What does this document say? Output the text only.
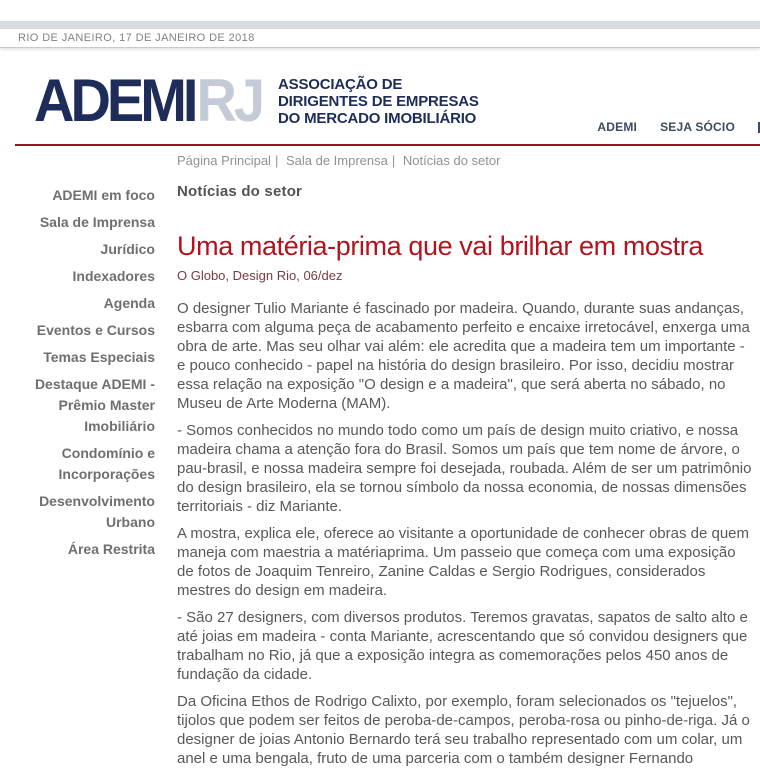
RIO DE JANEIRO, 17 DE JANEIRO DE 2018
ADEMI RJ ASSOCIAÇÃO DE
DIRIGENTES DE EMPRESAS
DO MERCADO IMOBILIÁRIO	ADEMI SEJA SÓCIO
ADEMI em foco
Sala de Imprensa
Jurídico
Indexadores
Agenda
Eventos e Cursos
Temas Especiais
Destaque ADEMI - Prêmio Master Imobiliário
Condomínio e Incorporações
Desenvolvimento Urbano
Área Restrita
Página Principal | Sala de Imprensa | Notícias do setor
Notícias do setor
Uma matéria-prima que vai brilhar em mostra
O Globo, Design Rio, 06/dez

O designer Tulio Mariante é fascinado por madeira. Quando, durante suas andanças, esbarra com alguma peça de acabamento perfeito e encaixe irretocável, enxerga uma obra de arte. Mas seu olhar vai além: ele acredita que a madeira tem um importante - e pouco conhecido - papel na história do design brasileiro. Por isso, decidiu mostrar essa relação na exposição "O design e a madeira", que será aberta no sábado, no Museu de Arte Moderna (MAM).

- Somos conhecidos no mundo todo como um país de design muito criativo, e nossa madeira chama a atenção fora do Brasil. Somos um país que tem nome de árvore, o pau-brasil, e nossa madeira sempre foi desejada, roubada. Além de ser um patrimônio do design brasileiro, ela se tornou símbolo da nossa economia, de nossas dimensões territoriais - diz Mariante.

A mostra, explica ele, oferece ao visitante a oportunidade de conhecer obras de quem maneja com maestria a matériaprima. Um passeio que começa com uma exposição de fotos de Joaquim Tenreiro, Zanine Caldas e Sergio Rodrigues, considerados mestres do design em madeira.

- São 27 designers, com diversos produtos. Teremos gravatas, sapatos de salto alto e até joias em madeira - conta Mariante, acrescentando que só convidou designers que trabalham no Rio, já que a exposição integra as comemorações pelos 450 anos de fundação da cidade.

Da Oficina Ethos de Rodrigo Calixto, por exemplo, foram selecionados os "tejuelos", tijolos que podem ser feitos de peroba-de-campos, peroba-rosa ou pinho-de-riga. Já o designer de joias Antonio Bernardo terá seu trabalho representado com um colar, um anel e uma bengala, fruto de uma parceria com o também designer Fernando
